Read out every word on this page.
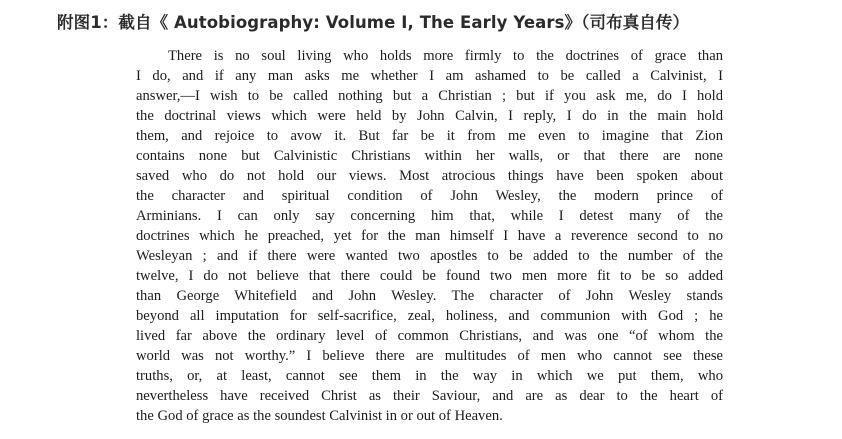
附图1：截自《 Autobiography: Volume I, The Early Years》（司布真自传）
There is no soul living who holds more firmly to the doctrines of grace than
I do, and if any man asks me whether I am ashamed to be called a Calvinist, I
answer,—I wish to be called nothing but a Christian ; but if you ask me, do I hold
the doctrinal views which were held by John Calvin, I reply, I do in the main hold
them, and rejoice to avow it. But far be it from me even to imagine that Zion
contains none but Calvinistic Christians within her walls, or that there are none
saved who do not hold our views. Most atrocious things have been spoken about
the character and spiritual condition of John Wesley, the modern prince of
Arminians. I can only say concerning him that, while I detest many of the
doctrines which he preached, yet for the man himself I have a reverence second to no
Wesleyan ; and if there were wanted two apostles to be added to the number of the
twelve, I do not believe that there could be found two men more fit to be so added
than George Whitefield and John Wesley. The character of John Wesley stands
beyond all imputation for self-sacrifice, zeal, holiness, and communion with God ; he
lived far above the ordinary level of common Christians, and was one “of whom the
world was not worthy.” I believe there are multitudes of men who cannot see these
truths, or, at least, cannot see them in the way in which we put them, who
nevertheless have received Christ as their Saviour, and are as dear to the heart of
the God of grace as the soundest Calvinist in or out of Heaven.
